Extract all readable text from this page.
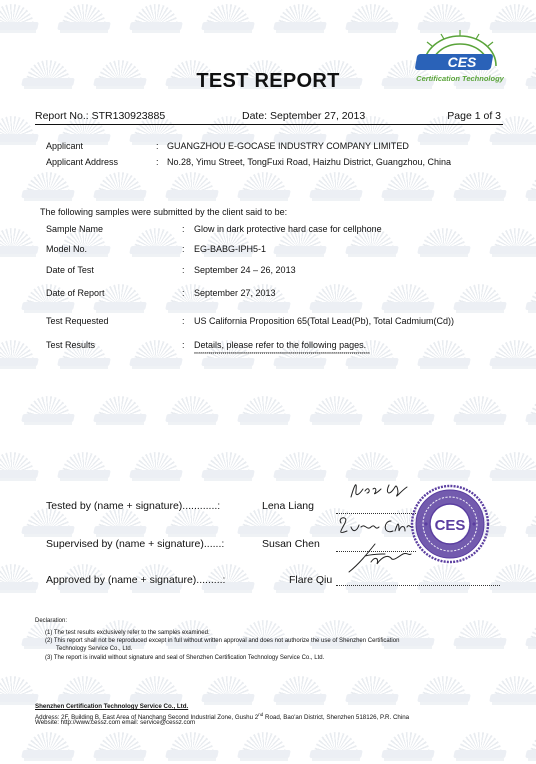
CES
Certification Technology
TEST REPORT
Report No.: STR130923885	Date: September 27, 2013	Page 1 of 3
Applicant	: GUANGZHOU E-GOCASE INDUSTRY COMPANY LIMITED
Applicant Address	: No.28, Yimu Street, TongFuxi Road, Haizhu District, Guangzhou, China
The following samples were submitted by the client said to be:
Sample Name	: Glow in dark protective hard case for cellphone
Model No.	: EG-BABG-IPH5-1
Date of Test	: September 24 – 26, 2013
Date of Report	: September 27, 2013
Test Requested	: US California Proposition 65(Total Lead(Pb), Total Cadmium(Cd))
Test Results	: Details, please refer to the following pages.
**************************************************************************************
Tested by (name + signature)............:	Lena Liang
Supervised by (name + signature)......:	Susan Chen
Approved by (name + signature).........:	Flare Qiu
CES
Declaration:
(1) The test results exclusively refer to the samples examined.
(2) This report shall not be reproduced except in full without written approval and does not authorize the use of Shenzhen Certification
Technology Service Co., Ltd.
(3) The report is invalid without signature and seal of Shenzhen Certification Technology Service Co., Ltd.
Shenzhen Certification Technology Service Co., Ltd.
Address: 2F, Building B, East Area of Nanchang Second Industrial Zone, Gushu 2nd Road, Bao'an District, Shenzhen 518126, P.R. China
Website: http://www.cessz.com email: service@cessz.com
